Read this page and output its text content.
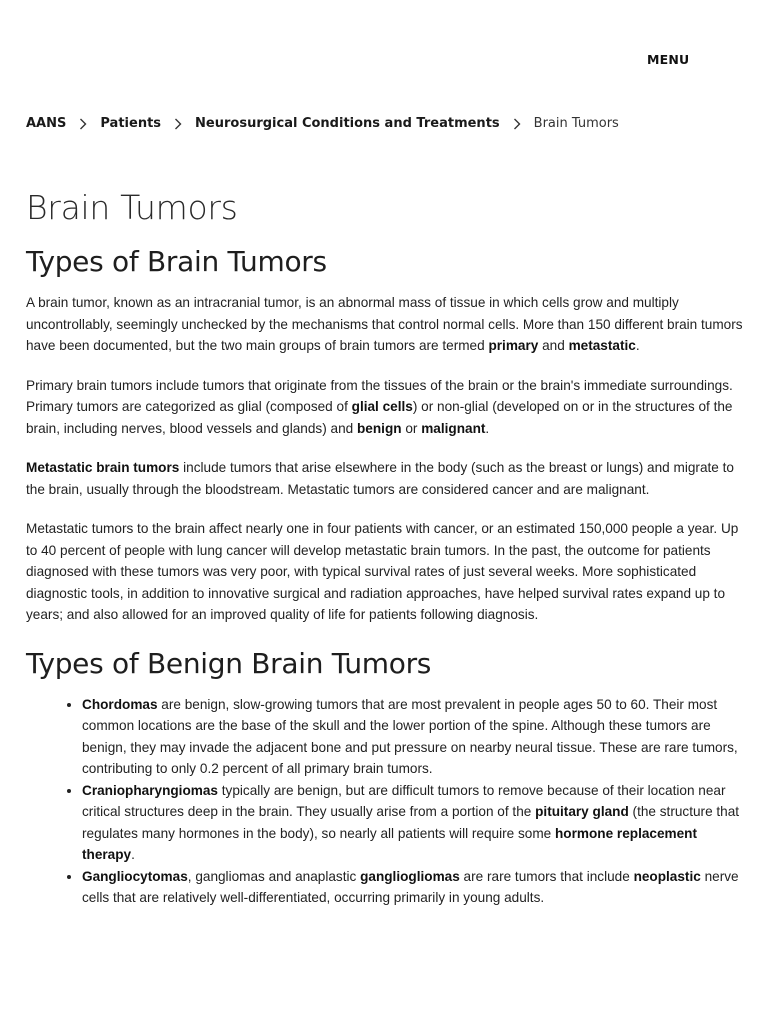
MENU
AANS	Patients	Neurosurgical Conditions and Treatments	Brain Tumors
Brain Tumors
Types of Brain Tumors

A brain tumor, known as an intracranial tumor, is an abnormal mass of tissue in which cells grow and multiply uncontrollably, seemingly unchecked by the mechanisms that control normal cells. More than 150 different brain tumors have been documented, but the two main groups of brain tumors are termed primary and metastatic.

Primary brain tumors include tumors that originate from the tissues of the brain or the brain's immediate surroundings. Primary tumors are categorized as glial (composed of glial cells) or non-glial (developed on or in the structures of the brain, including nerves, blood vessels and glands) and benign or malignant.

Metastatic brain tumors include tumors that arise elsewhere in the body (such as the breast or lungs) and migrate to the brain, usually through the bloodstream. Metastatic tumors are considered cancer and are malignant.

Metastatic tumors to the brain affect nearly one in four patients with cancer, or an estimated 150,000 people a year. Up to 40 percent of people with lung cancer will develop metastatic brain tumors. In the past, the outcome for patients diagnosed with these tumors was very poor, with typical survival rates of just several weeks. More sophisticated diagnostic tools, in addition to innovative surgical and radiation approaches, have helped survival rates expand up to years; and also allowed for an improved quality of life for patients following diagnosis.

Types of Benign Brain Tumors
• Chordomas are benign, slow-growing tumors that are most prevalent in people ages 50 to 60. Their most common locations are the base of the skull and the lower portion of the spine. Although these tumors are benign, they may invade the adjacent bone and put pressure on nearby neural tissue. These are rare tumors, contributing to only 0.2 percent of all primary brain tumors.
• Craniopharyngiomas typically are benign, but are difficult tumors to remove because of their location near critical structures deep in the brain. They usually arise from a portion of the pituitary gland (the structure that regulates many hormones in the body), so nearly all patients will require some hormone replacement therapy.
• Gangliocytomas, gangliomas and anaplastic gangliogliomas are rare tumors that include neoplastic nerve cells that are relatively well-differentiated, occurring primarily in young adults.
